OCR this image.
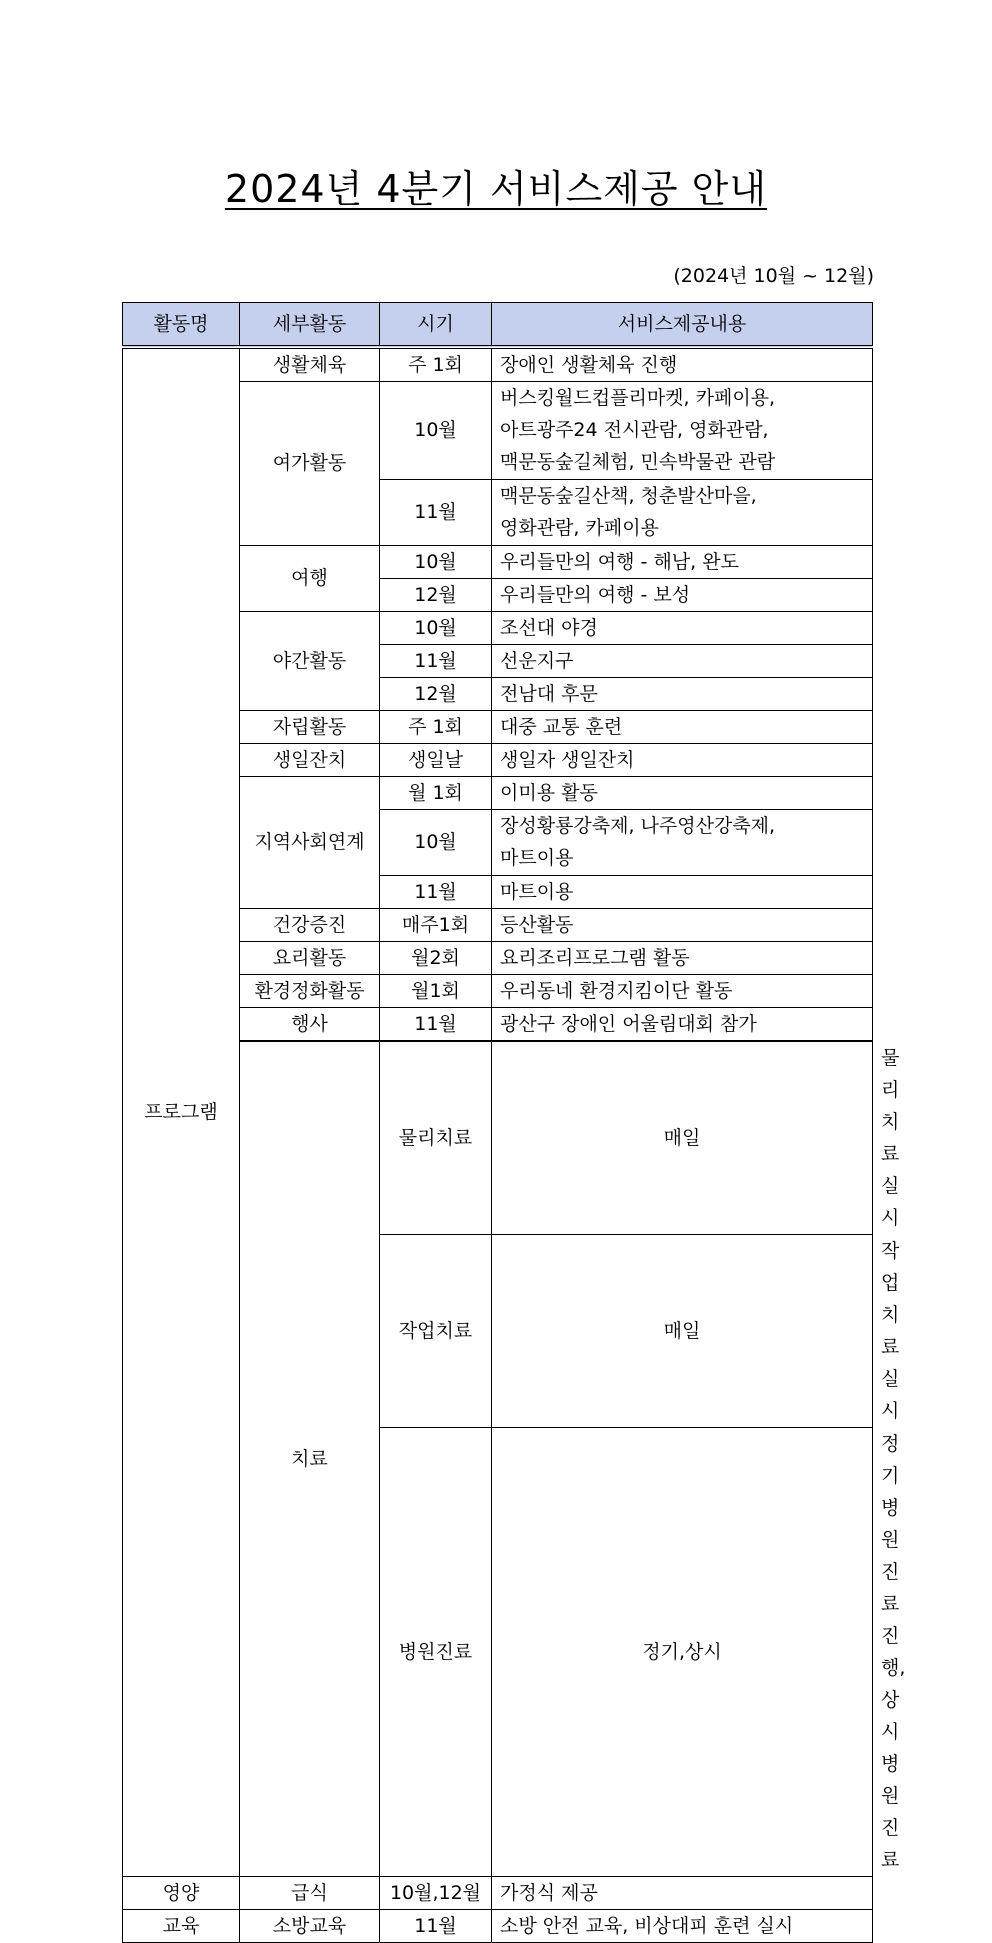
2024년 4분기 서비스제공 안내
(2024년 10월 ~ 12월)
활동명	세부활동	시기	서비스제공내용	
프로그램	생활체육	주 1회	장애인 생활체육 진행	
	여가활동	10월	버스킹월드컵플리마켓, 카페이용,
아트광주24 전시관람, 영화관람,
맥문동숲길체험, 민속박물관 관람	

		11월	맥문동숲길산책, 청춘발산마을,
영화관람, 카페이용	

	여행	10월	우리들만의 여행 - 해남, 완도	
		12월	우리들만의 여행 - 보성	
	야간활동	10월	조선대 야경	
		11월	선운지구	
		12월	전남대 후문	
	자립활동	주 1회	대중 교통 훈련	
	생일잔치	생일날	생일자 생일잔치	
	지역사회연계	월 1회	이미용 활동	
		10월	장성황룡강축제, 나주영산강축제,
마트이용	

		11월	마트이용	
	건강증진	매주1회	등산활동	
	요리활동	월2회	요리조리프로그램 활동	
	환경정화활동	월1회	우리동네 환경지킴이단 활동	
	행사	11월	광산구 장애인 어울림대회 참가	
	치료	물리치료	매일	물리치료 실시
		작업치료	매일	작업치료 실시
		병원진료	정기,상시	정기 병원 진료 진행, 상시 병원 진료
영양	급식	10월,12월	가정식 제공	
교육	소방교육	11월	소방 안전 교육, 비상대피 훈련 실시	
